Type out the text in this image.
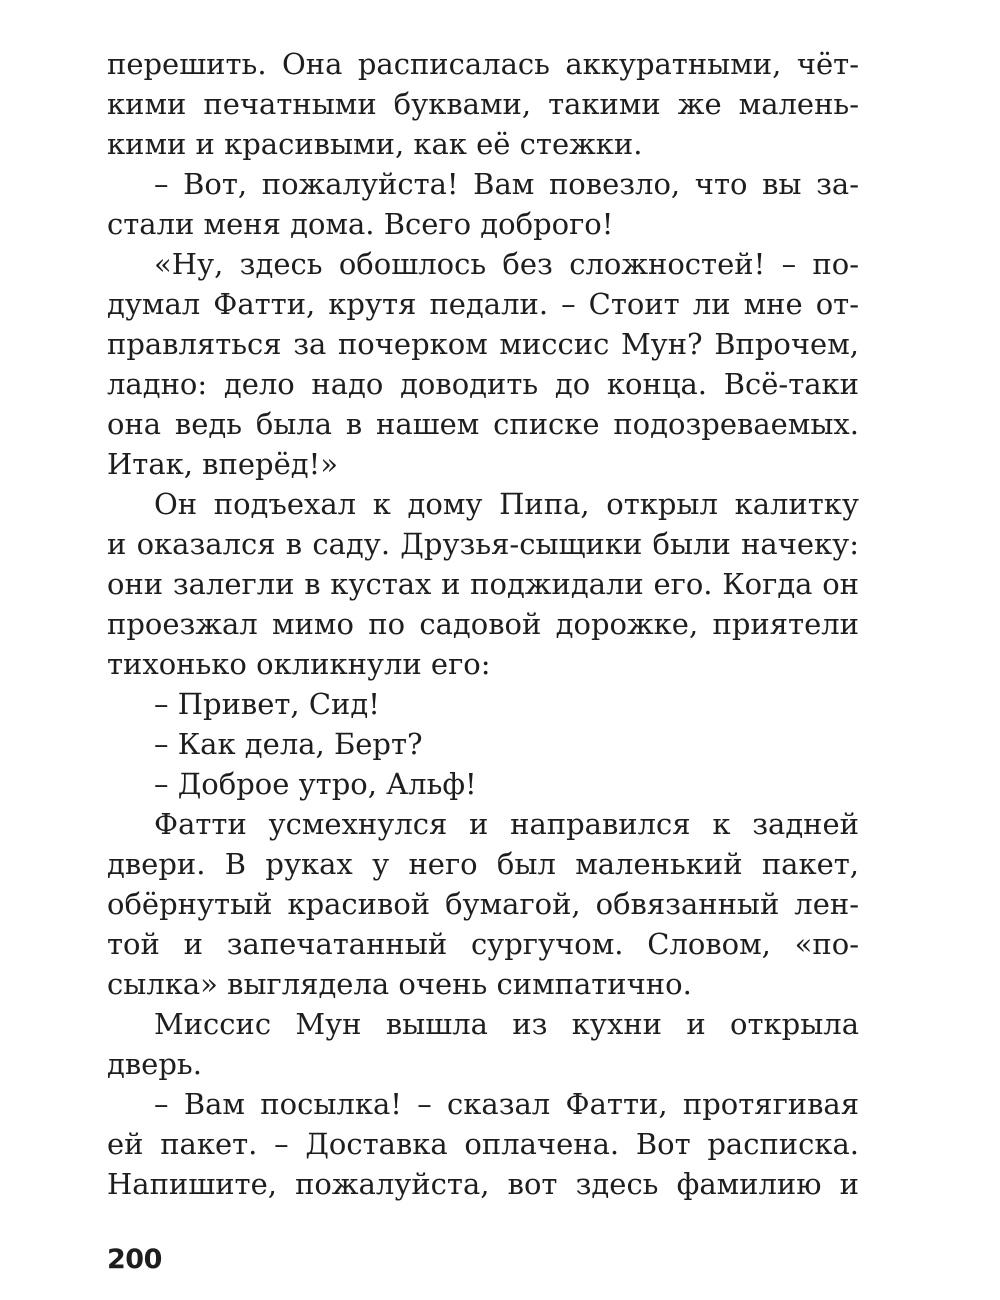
перешить. Она расписалась аккуратными, чёт-
кими печатными буквами, такими же малень-
кими и красивыми, как её стежки.
– Вот, пожалуйста! Вам повезло, что вы за-
стали меня дома. Всего доброго!
«Ну, здесь обошлось без сложностей! – по-
думал Фатти, крутя педали. – Стоит ли мне от-
правляться за почерком миссис Мун? Впрочем,
ладно: дело надо доводить до конца. Всё-таки
она ведь была в нашем списке подозреваемых.
Итак, вперёд!»
Он подъехал к дому Пипа, открыл калитку
и оказался в саду. Друзья-сыщики были начеку:
они залегли в кустах и поджидали его. Когда он
проезжал мимо по садовой дорожке, приятели
тихонько окликнули его:
– Привет, Сид!
– Как дела, Берт?
– Доброе утро, Альф!
Фатти усмехнулся и направился к задней
двери. В руках у него был маленький пакет,
обёрнутый красивой бумагой, обвязанный лен-
той и запечатанный сургучом. Словом, «по-
сылка» выглядела очень симпатично.
Миссис Мун вышла из кухни и открыла
дверь.
– Вам посылка! – сказал Фатти, протягивая
ей пакет. – Доставка оплачена. Вот расписка.
Напишите, пожалуйста, вот здесь фамилию и
200
